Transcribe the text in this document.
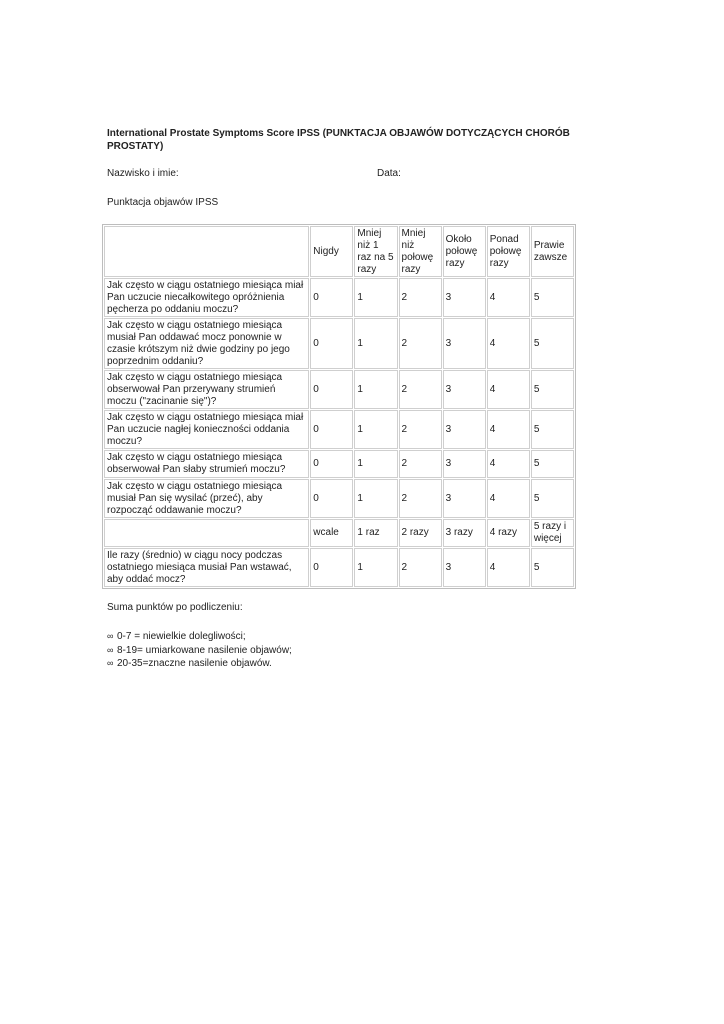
International Prostate Symptoms Score IPSS (PUNKTACJA OBJAWÓW DOTYCZĄCYCH CHORÓB PROSTATY)
Nazwisko i imie:	Data:
Punktacja objawów IPSS
	Nigdy	Mniej niż 1 raz na 5 razy	Mniej niż połowę razy	Około połowę razy	Ponad połowę razy	Prawie zawsze
Jak często w ciągu ostatniego miesiąca miał Pan uczucie niecałkowitego opróżnienia pęcherza po oddaniu moczu?	0	1	2	3	4	5
Jak często w ciągu ostatniego miesiąca musiał Pan oddawać mocz ponownie w czasie krótszym niż dwie godziny po jego poprzednim oddaniu?	0	1	2	3	4	5
Jak często w ciągu ostatniego miesiąca obserwował Pan przerywany strumień moczu ("zacinanie się")?	0	1	2	3	4	5
Jak często w ciągu ostatniego miesiąca miał Pan uczucie nagłej konieczności oddania moczu?	0	1	2	3	4	5
Jak często w ciągu ostatniego miesiąca obserwował Pan słaby strumień moczu?	0	1	2	3	4	5
Jak często w ciągu ostatniego miesiąca musiał Pan się wysilać (przeć), aby rozpocząć oddawanie moczu?	0	1	2	3	4	5
	wcale	1 raz	2 razy	3 razy	4 razy	5 razy i więcej
Ile razy (średnio) w ciągu nocy podczas ostatniego miesiąca musiał Pan wstawać, aby oddać mocz?	0	1	2	3	4	5
Suma punktów po podliczeniu:
∞ 0-7 = niewielkie dolegliwości;
∞ 8-19= umiarkowane nasilenie objawów;
∞ 20-35=znaczne nasilenie objawów.
